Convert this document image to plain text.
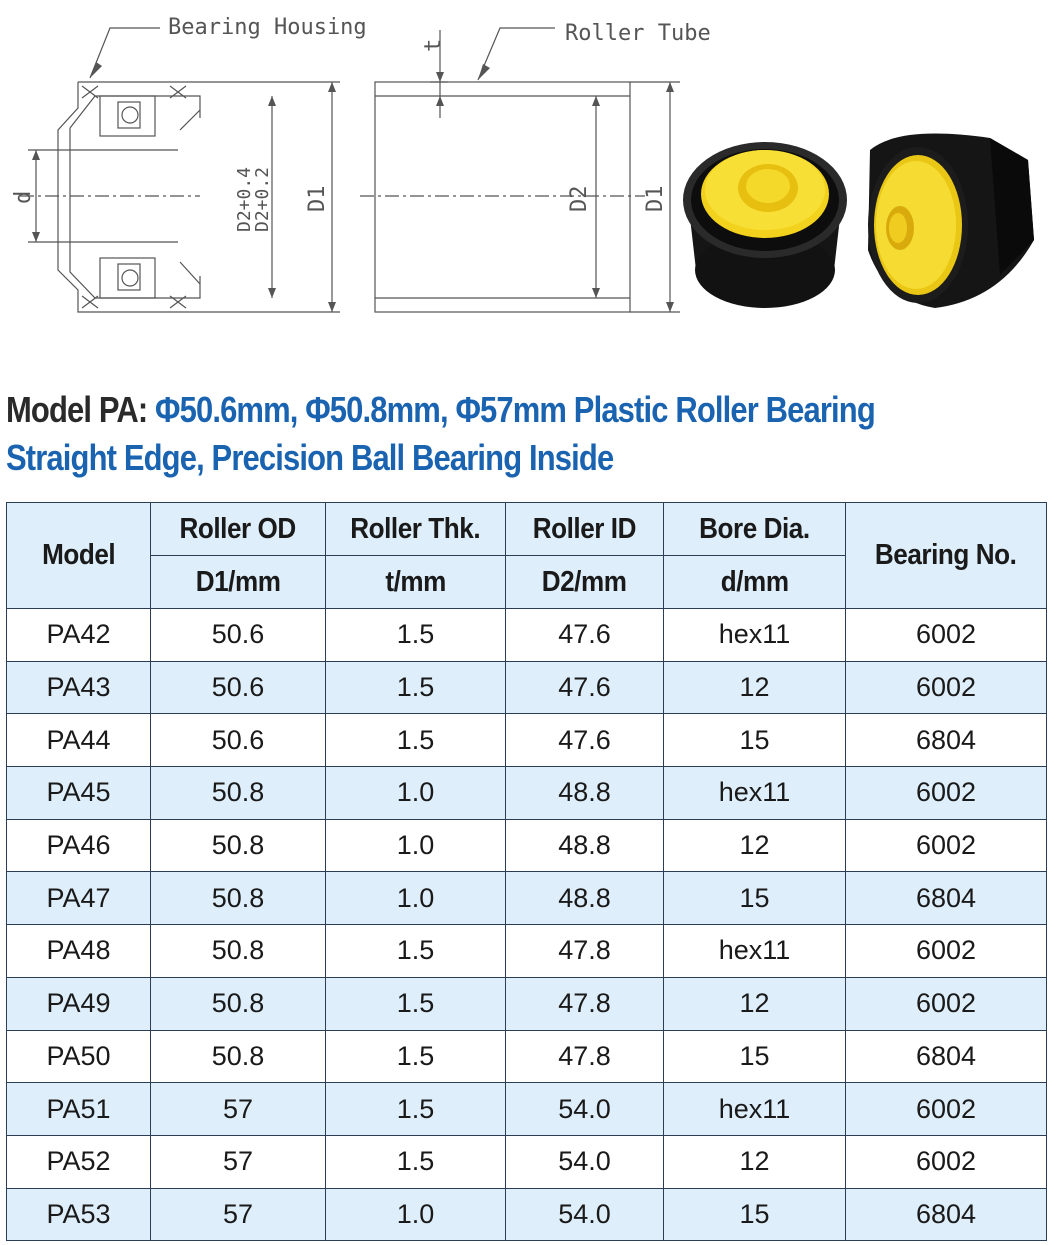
Bearing Housing	Roller Tube
t
d	D2+0.4
D2+0.2 D1	D2 D1
Model PA: Φ50.6mm, Φ50.8mm, Φ57mm Plastic Roller Bearing
Straight Edge, Precision Ball Bearing Inside
Model	Roller OD	Roller Thk.	Roller ID	Bore Dia.	Bearing No.
	D1/mm	t/mm	D2/mm	d/mm	
PA42	50.6	1.5	47.6	hex11	6002
PA43	50.6	1.5	47.6	12	6002
PA44	50.6	1.5	47.6	15	6804
PA45	50.8	1.0	48.8	hex11	6002
PA46	50.8	1.0	48.8	12	6002
PA47	50.8	1.0	48.8	15	6804
PA48	50.8	1.5	47.8	hex11	6002
PA49	50.8	1.5	47.8	12	6002
PA50	50.8	1.5	47.8	15	6804
PA51	57	1.5	54.0	hex11	6002
PA52	57	1.5	54.0	12	6002
PA53	57	1.0	54.0	15	6804
